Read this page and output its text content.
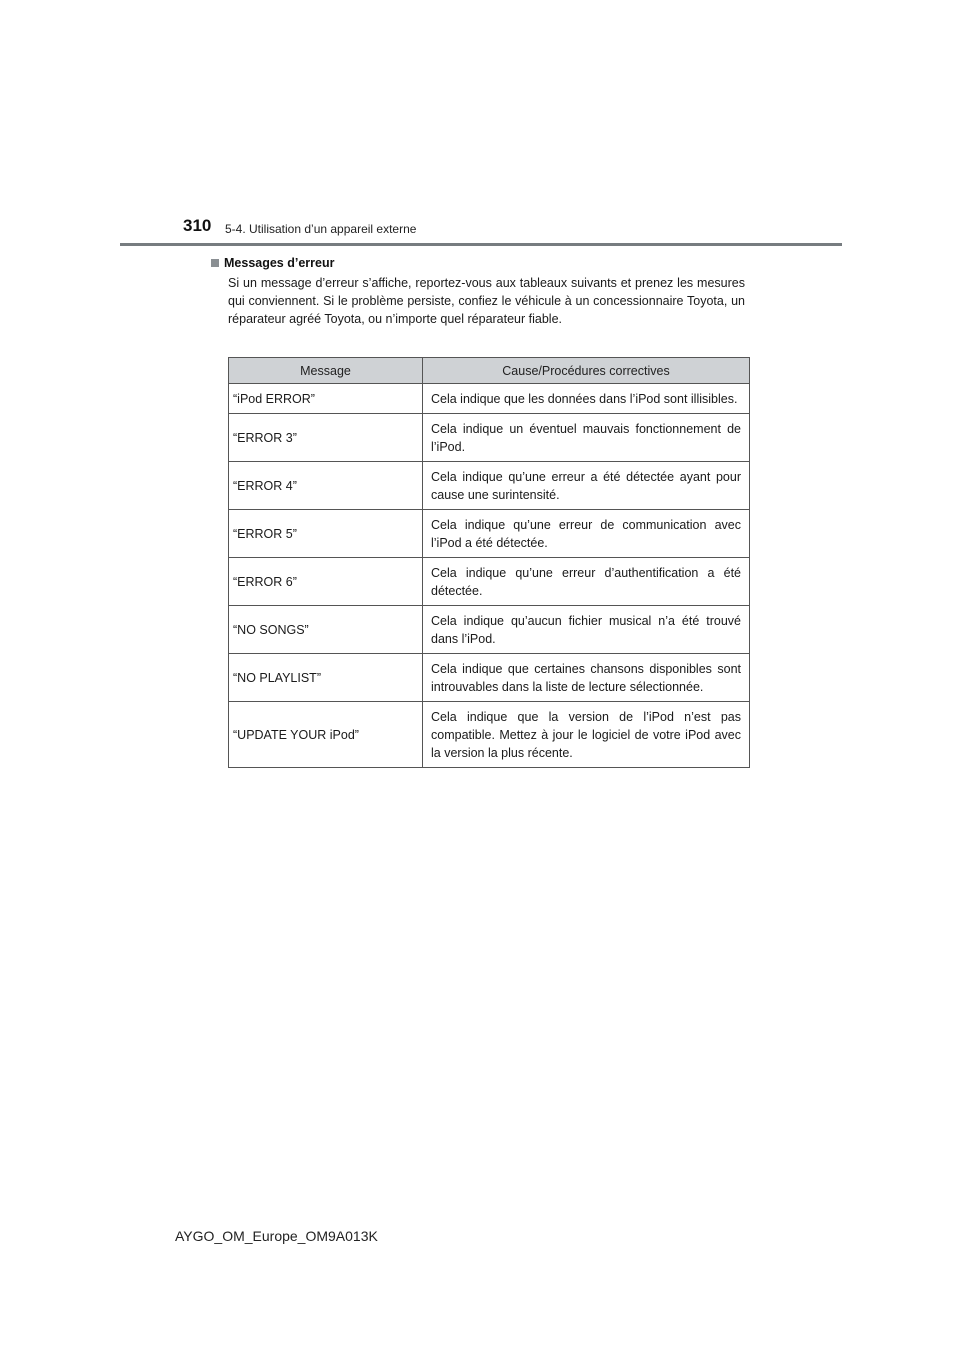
310 5-4. Utilisation d’un appareil externe
Messages d’erreur

Si un message d’erreur s’affiche, reportez-vous aux tableaux suivants et prenez les mesures qui conviennent. Si le problème persiste, confiez le véhicule à un concessionnaire Toyota, un réparateur agréé Toyota, ou n’importe quel réparateur fiable.

Message	Cause/Procédures correctives
“iPod ERROR”	Cela indique que les données dans l’iPod sont illisibles.
“ERROR 3”	Cela indique un éventuel mauvais fonctionnement de l’iPod.
“ERROR 4”	Cela indique qu’une erreur a été détectée ayant pour cause une surintensité.
“ERROR 5”	Cela indique qu’une erreur de communication avec l’iPod a été détectée.
“ERROR 6”	Cela indique qu’une erreur d’authentification a été détectée.
“NO SONGS”	Cela indique qu’aucun fichier musical n’a été trouvé dans l’iPod.
“NO PLAYLIST”	Cela indique que certaines chansons disponibles sont introuvables dans la liste de lecture sélectionnée.
“UPDATE YOUR iPod”	Cela indique que la version de l’iPod n’est pas compatible. Mettez à jour le logiciel de votre iPod avec la version la plus récente.
AYGO_OM_Europe_OM9A013K
